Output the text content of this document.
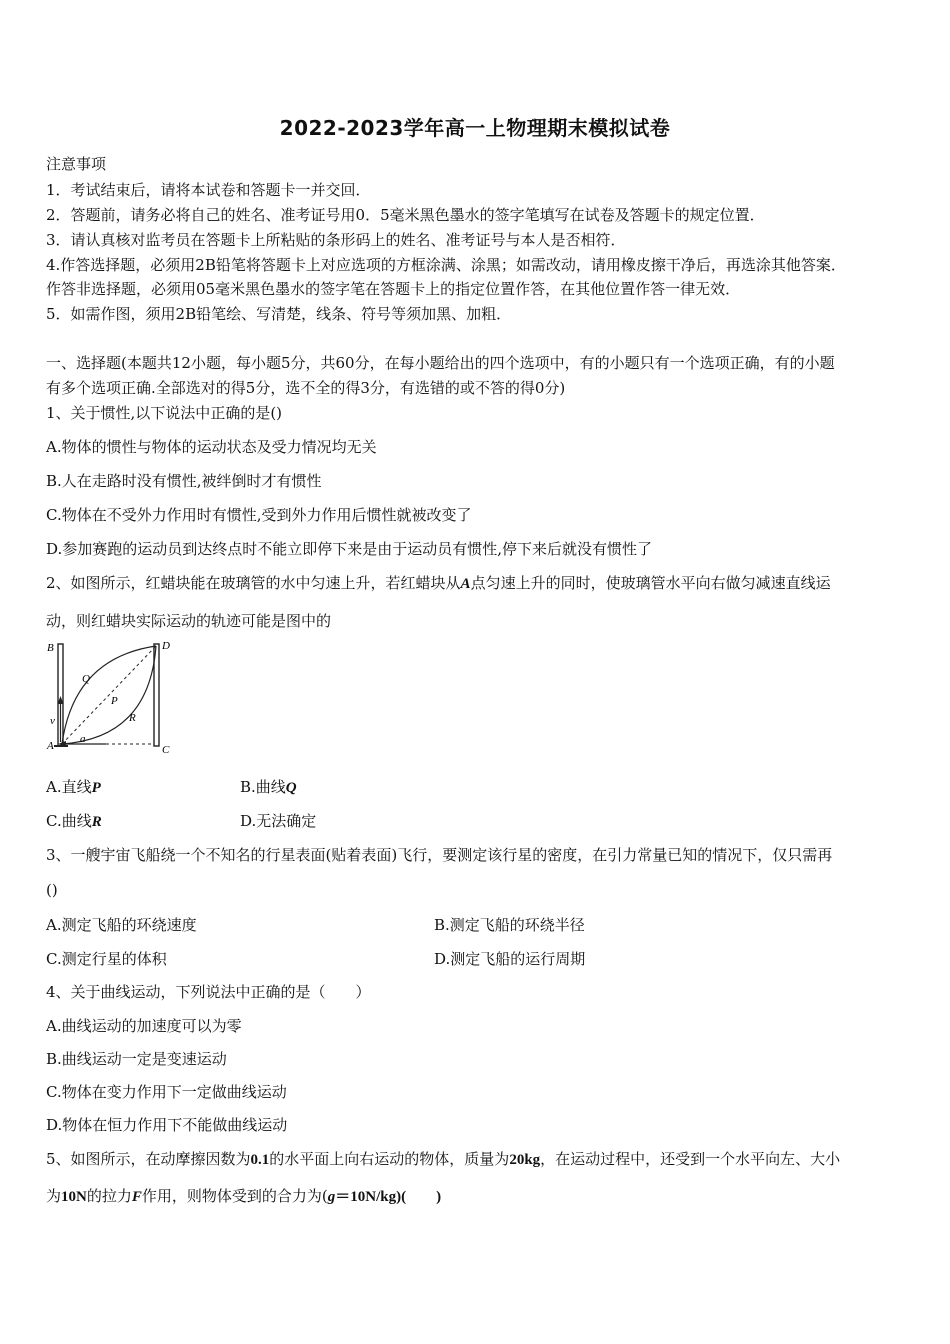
2022-2023学年高一上物理期末模拟试卷
注意事项
1．考试结束后，请将本试卷和答题卡一并交回．
2．答题前，请务必将自己的姓名、准考证号用0．5毫米黑色墨水的签字笔填写在试卷及答题卡的规定位置．
3．请认真核对监考员在答题卡上所粘贴的条形码上的姓名、准考证号与本人是否相符．
4.作答选择题，必须用2B铅笔将答题卡上对应选项的方框涂满、涂黑；如需改动，请用橡皮擦干净后，再选涂其他答案．
作答非选择题，必须用05毫米黑色墨水的签字笔在答题卡上的指定位置作答，在其他位置作答一律无效．
5．如需作图，须用2B铅笔绘、写清楚，线条、符号等须加黑、加粗．
一、选择题(本题共12小题，每小题5分，共60分，在每小题给出的四个选项中，有的小题只有一个选项正确，有的小题
有多个选项正确.全部选对的得5分，选不全的得3分，有选错的或不答的得0分)
1、关于惯性,以下说法中正确的是()
A.物体的惯性与物体的运动状态及受力情况均无关
B.人在走路时没有惯性,被绊倒时才有惯性
C.物体在不受外力作用时有惯性,受到外力作用后惯性就被改变了
D.参加赛跑的运动员到达终点时不能立即停下来是由于运动员有惯性,停下来后就没有惯性了
2、如图所示，红蜡块能在玻璃管的水中匀速上升，若红蜡块从A点匀速上升的同时，使玻璃管水平向右做匀减速直线运
动，则红蜡块实际运动的轨迹可能是图中的
B	D
Q
P
R
v
A
a
C
A.直线P	B.曲线Q
C.曲线R	D.无法确定
3、一艘宇宙飞船绕一个不知名的行星表面(贴着表面)飞行，要测定该行星的密度，在引力常量已知的情况下，仅只需再
()
A.测定飞船的环绕速度	B.测定飞船的环绕半径
C.测定行星的体积	D.测定飞船的运行周期
4、关于曲线运动，下列说法中正确的是（　　）
A.曲线运动的加速度可以为零
B.曲线运动一定是变速运动
C.物体在变力作用下一定做曲线运动
D.物体在恒力作用下不能做曲线运动
5、如图所示，在动摩擦因数为0.1的水平面上向右运动的物体，质量为20kg，在运动过程中，还受到一个水平向左、大小
为10N的拉力F作用，则物体受到的合力为(g＝10N/kg)(　　)
